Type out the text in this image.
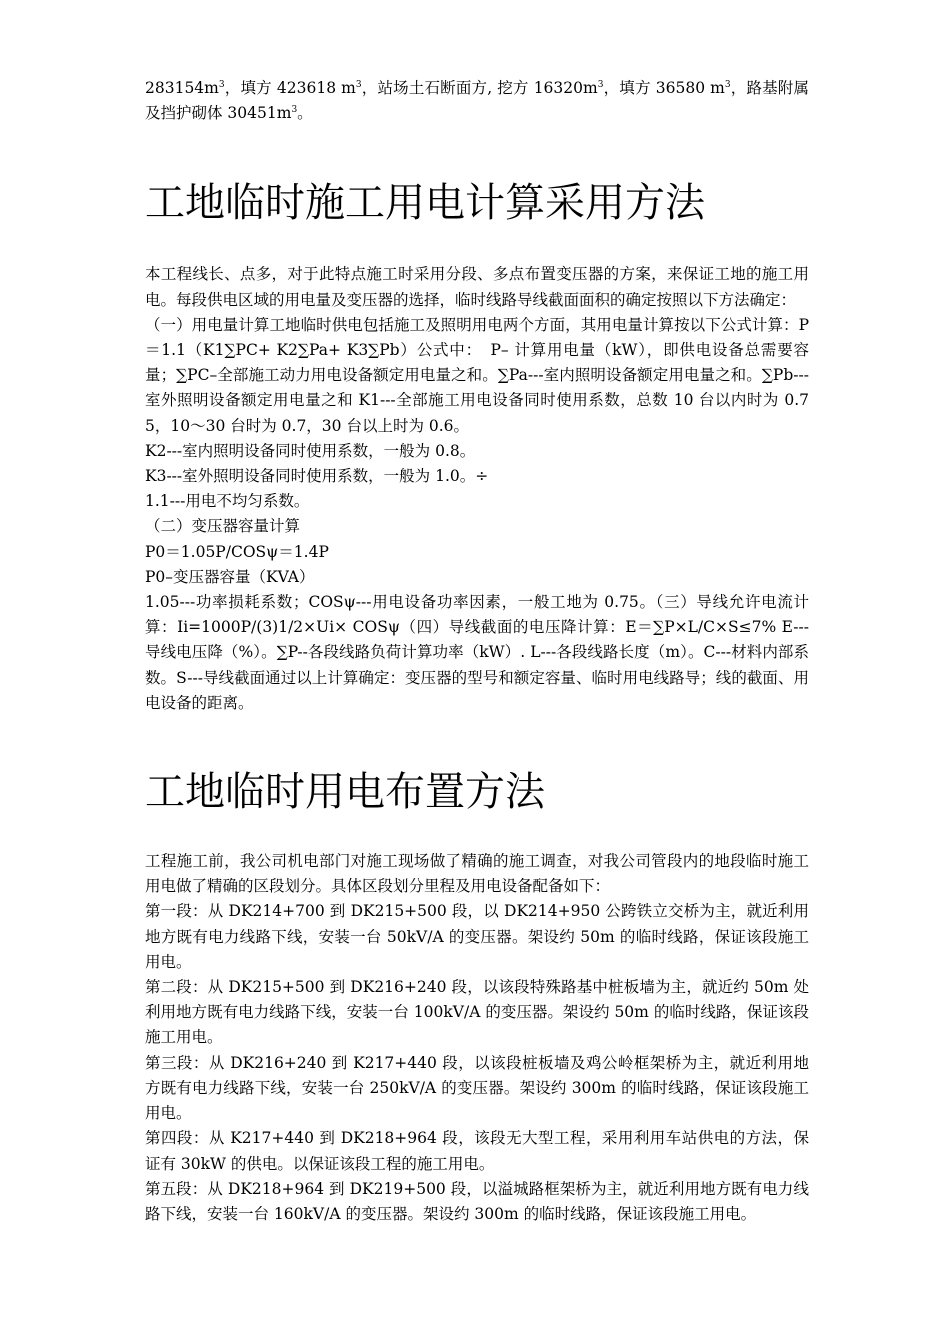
$283154m^3$，填方 423618 $m^3$，站场土石断面方, 挖方 $16320m^3$，填方 36580 $m^3$，路基附属及挡护砌体 $30451m^3$。

工地临时施工用电计算采用方法

本工程线长、点多，对于此特点施工时采用分段、多点布置变压器的方案，来保证工地的施工用电。每段供电区域的用电量及变压器的选择，临时线路导线截面面积的确定按照以下方法确定：

（一）用电量计算工地临时供电包括施工及照明用电两个方面，其用电量计算按以下公式计算：P＝1.1（K1∑PC+ K2∑Pa+ K3∑Pb）公式中：　P– 计算用电量（kW），即供电设备总需要容量；∑PC–全部施工动力用电设备额定用电量之和。∑Pa---室内照明设备额定用电量之和。∑Pb---室外照明设备额定用电量之和 K1---全部施工用电设备同时使用系数，总数 10 台以内时为 0.75，10～30 台时为 0.7，30 台以上时为 0.6。

K2---室内照明设备同时使用系数，一般为 0.8。

K3---室外照明设备同时使用系数，一般为 1.0。÷

1.1---用电不均匀系数。

（二）变压器容量计算

P0＝1.05P/COSψ＝1.4P

P0–变压器容量（KVA）

1.05---功率损耗系数；COSψ---用电设备功率因素，一般工地为 0.75。（三）导线允许电流计算：Ii=1000P/(3)1/2×Ui× COSψ（四）导线截面的电压降计算：E＝∑P×L/C×S≤7% E---导线电压降（%）。∑P--各段线路负荷计算功率（kW）. L---各段线路长度（m）。C---材料内部系数。S---导线截面通过以上计算确定：变压器的型号和额定容量、临时用电线路导；线的截面、用电设备的距离。

工地临时用电布置方法

工程施工前，我公司机电部门对施工现场做了精确的施工调查，对我公司管段内的地段临时施工用电做了精确的区段划分。具体区段划分里程及用电设备配备如下：

第一段：从 DK214+700 到 DK215+500 段，以 DK214+950 公跨铁立交桥为主，就近利用地方既有电力线路下线，安装一台 50kV/A 的变压器。架设约 50m 的临时线路，保证该段施工用电。

第二段：从 DK215+500 到 DK216+240 段，以该段特殊路基中桩板墙为主，就近约 50m 处利用地方既有电力线路下线，安装一台 100kV/A 的变压器。架设约 50m 的临时线路，保证该段施工用电。

第三段：从 DK216+240 到 K217+440 段，以该段桩板墙及鸡公岭框架桥为主，就近利用地方既有电力线路下线，安装一台 250kV/A 的变压器。架设约 300m 的临时线路，保证该段施工用电。

第四段：从 K217+440 到 DK218+964 段，该段无大型工程，采用利用车站供电的方法，保证有 30kW 的供电。以保证该段工程的施工用电。

第五段：从 DK218+964 到 DK219+500 段，以溢城路框架桥为主，就近利用地方既有电力线路下线，安装一台 160kV/A 的变压器。架设约 300m 的临时线路，保证该段施工用电。
